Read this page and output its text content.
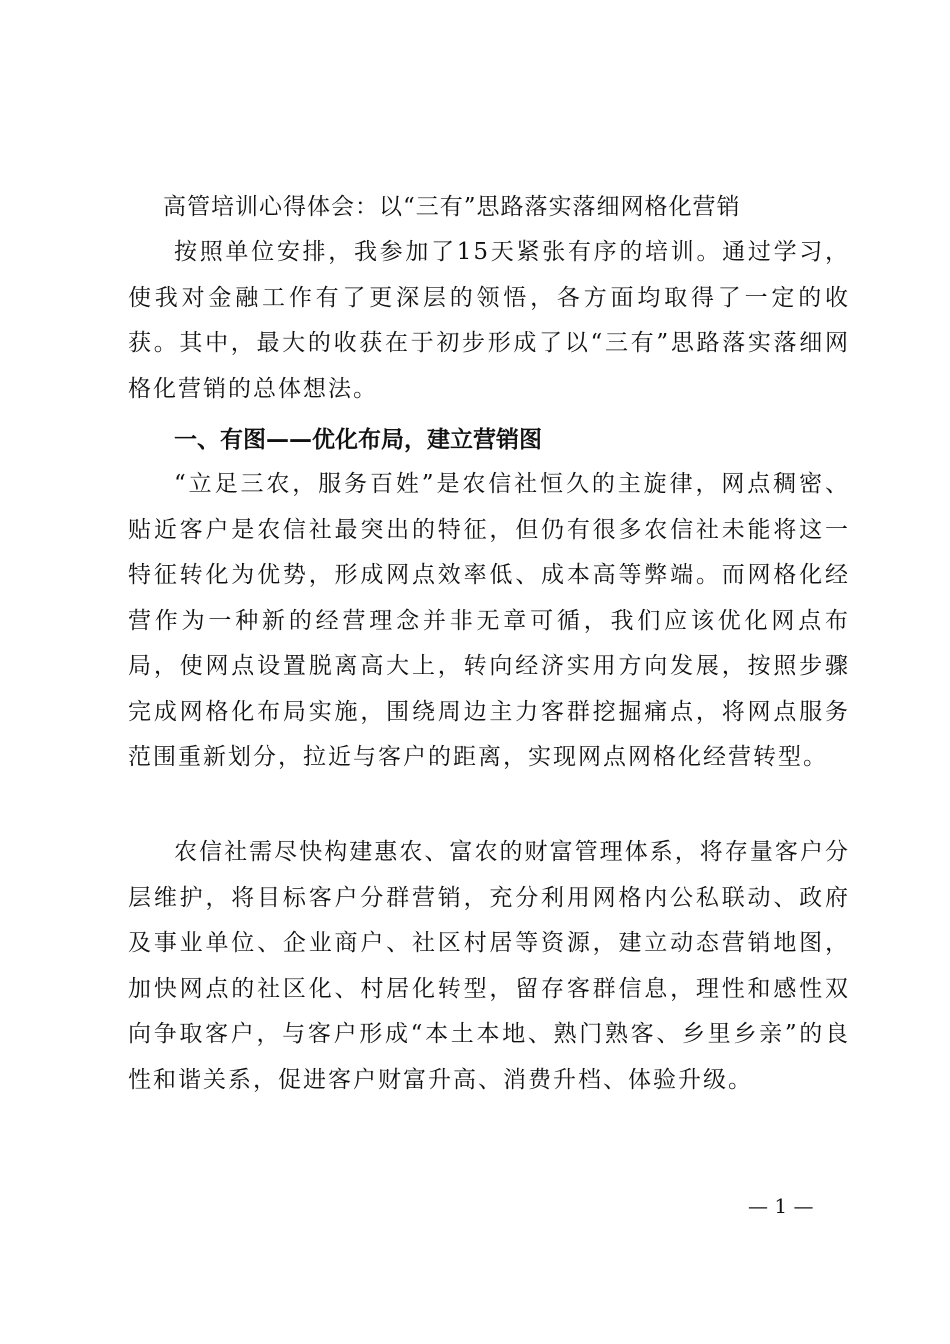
高管培训心得体会：以“三有”思路落实落细网格化营销

按照单位安排，我参加了15天紧张有序的培训。通过学习，使我对金融工作有了更深层的领悟，各方面均取得了一定的收获。其中，最大的收获在于初步形成了以“三有”思路落实落细网格化营销的总体想法。

一、有图——优化布局，建立营销图

“立足三农，服务百姓”是农信社恒久的主旋律，网点稠密、贴近客户是农信社最突出的特征，但仍有很多农信社未能将这一特征转化为优势，形成网点效率低、成本高等弊端。而网格化经营作为一种新的经营理念并非无章可循，我们应该优化网点布局，使网点设置脱离高大上，转向经济实用方向发展，按照步骤完成网格化布局实施，围绕周边主力客群挖掘痛点，将网点服务范围重新划分，拉近与客户的距离，实现网点网格化经营转型。

农信社需尽快构建惠农、富农的财富管理体系，将存量客户分层维护，将目标客户分群营销，充分利用网格内公私联动、政府及事业单位、企业商户、社区村居等资源，建立动态营销地图，加快网点的社区化、村居化转型，留存客群信息，理性和感性双向争取客户，与客户形成“本土本地、熟门熟客、乡里乡亲”的良性和谐关系，促进客户财富升高、消费升档、体验升级。

— 1 —
